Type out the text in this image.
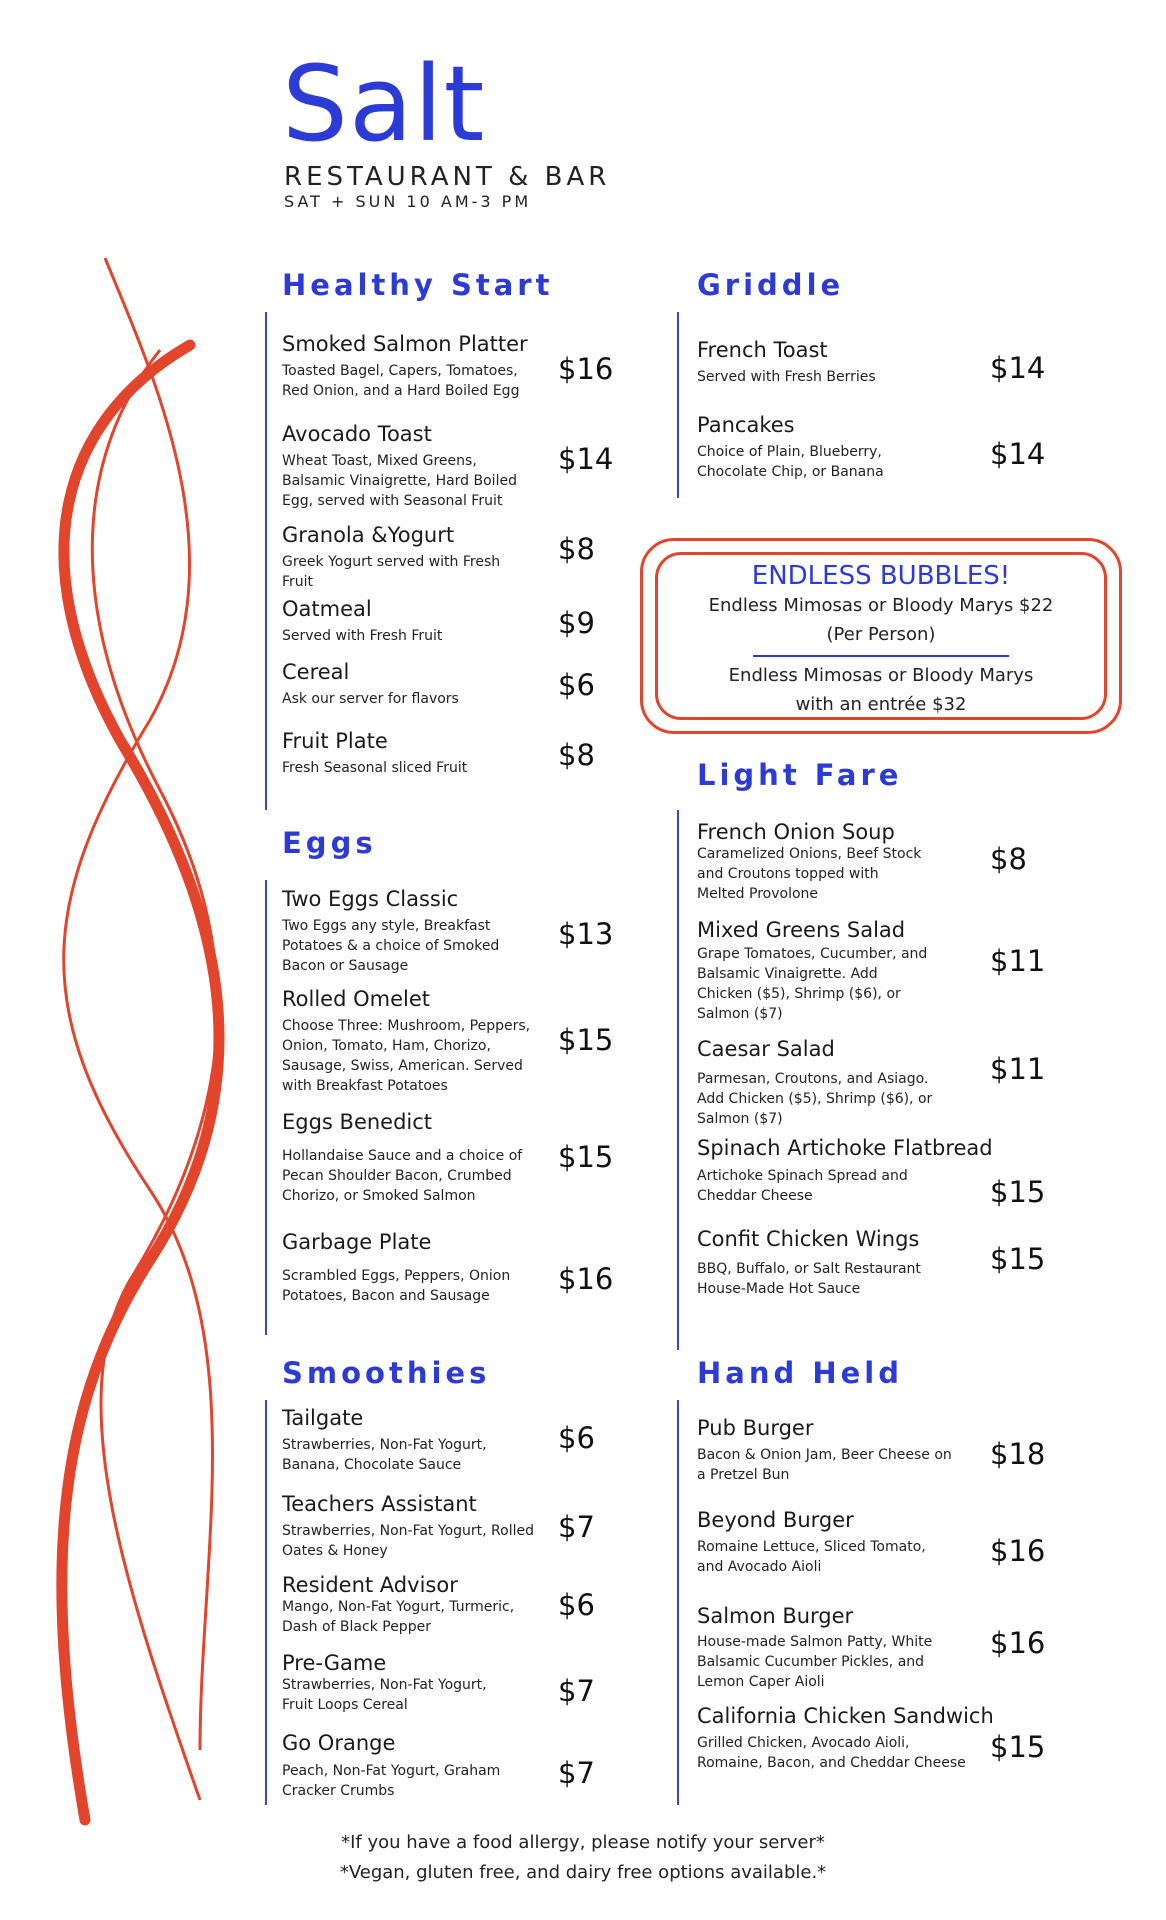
Salt
RESTAURANT & BAR
SAT + SUN 10 AM-3 PM
Healthy Start
Smoked Salmon Platter
Toasted Bagel, Capers, Tomatoes, Red Onion, and a Hard Boiled Egg
$16
Avocado Toast
Wheat Toast, Mixed Greens, Balsamic Vinaigrette, Hard Boiled Egg, served with Seasonal Fruit
$14
Granola &Yogurt
Greek Yogurt served with Fresh Fruit
$8
Oatmeal
Served with Fresh Fruit	$9
Cereal
Ask our server for flavors	$6
Fruit Plate
Fresh Seasonal sliced Fruit	$8
Griddle
French Toast
Served with Fresh Berries	$14
Pancakes
Choice of Plain, Blueberry, Chocolate Chip, or Banana
$14
ENDLESS BUBBLES!
Endless Mimosas or Bloody Marys $22
(Per Person)
Endless Mimosas or Bloody Marys
with an entrée $32
Eggs
Two Eggs Classic
Two Eggs any style, Breakfast Potatoes & a choice of Smoked Bacon or Sausage
$13
Rolled Omelet
Choose Three: Mushroom, Peppers, Onion, Tomato, Ham, Chorizo, Sausage, Swiss, American. Served with Breakfast Potatoes
$15
Eggs Benedict
Hollandaise Sauce and a choice of Pecan Shoulder Bacon, Crumbed Chorizo, or Smoked Salmon
$15
Garbage Plate
Scrambled Eggs, Peppers, Onion Potatoes, Bacon and Sausage	$16
Light Fare
French Onion Soup
Caramelized Onions, Beef Stock and Croutons topped with Melted Provolone
$8
Mixed Greens Salad
Grape Tomatoes, Cucumber, and Balsamic Vinaigrette. Add Chicken ($5), Shrimp ($6), or Salmon ($7)
$11
Caesar Salad
Parmesan, Croutons, and Asiago. Add Chicken ($5), Shrimp ($6), or Salmon ($7)
$11
Spinach Artichoke Flatbread
Artichoke Spinach Spread and Cheddar Cheese	$15
Confit Chicken Wings
BBQ, Buffalo, or Salt Restaurant House-Made Hot Sauce
$15
Smoothies
Tailgate
Strawberries, Non-Fat Yogurt, Banana, Chocolate Sauce
$6
Teachers Assistant
Strawberries, Non-Fat Yogurt, Rolled Oates & Honey
$7
Resident Advisor
Mango, Non-Fat Yogurt, Turmeric, Dash of Black Pepper
$6
Pre-Game
Strawberries, Non-Fat Yogurt, Fruit Loops Cereal	$7
Go Orange
Peach, Non-Fat Yogurt, Graham Cracker Crumbs
$7
Hand Held
Pub Burger
Bacon & Onion Jam, Beer Cheese on a Pretzel Bun
$18
Beyond Burger
Romaine Lettuce, Sliced Tomato, and Avocado Aioli	$16
Salmon Burger
House-made Salmon Patty, White Balsamic Cucumber Pickles, and Lemon Caper Aioli
$16
California Chicken Sandwich
Grilled Chicken, Avocado Aioli, Romaine, Bacon, and Cheddar Cheese $15
*If you have a food allergy, please notify your server*
*Vegan, gluten free, and dairy free options available.*
